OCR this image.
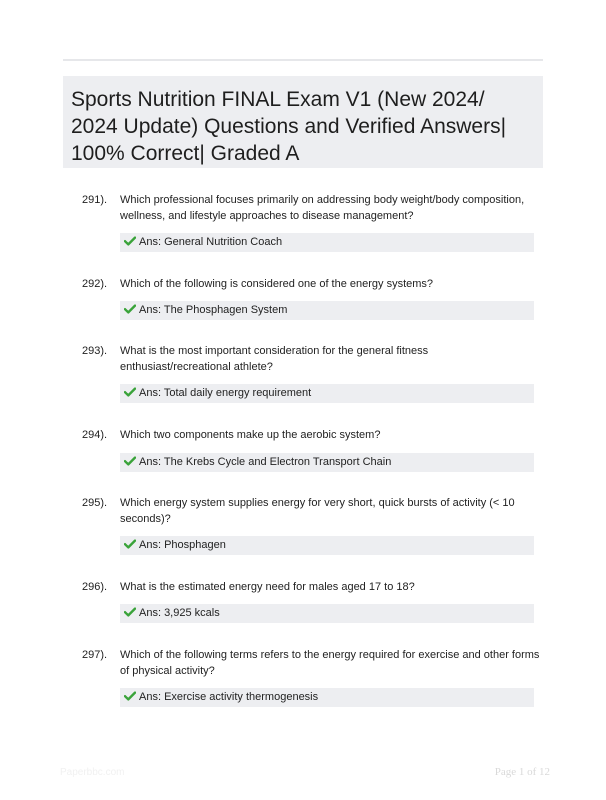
Sports Nutrition FINAL Exam V1 (New 2024/ 2024 Update) Questions and Verified Answers| 100% Correct| Graded A
291). Which professional focuses primarily on addressing body weight/body composition, wellness, and lifestyle approaches to disease management?
Ans: General Nutrition Coach
292). Which of the following is considered one of the energy systems?
Ans: The Phosphagen System
293). What is the most important consideration for the general fitness enthusiast/recreational athlete?
Ans: Total daily energy requirement
294). Which two components make up the aerobic system?
Ans: The Krebs Cycle and Electron Transport Chain
295). Which energy system supplies energy for very short, quick bursts of activity (< 10 seconds)?
Ans: Phosphagen
296). What is the estimated energy need for males aged 17 to 18?
Ans: 3,925 kcals
297). Which of the following terms refers to the energy required for exercise and other forms of physical activity?
Ans: Exercise activity thermogenesis
Paperbbc.com	Page 1 of 12
